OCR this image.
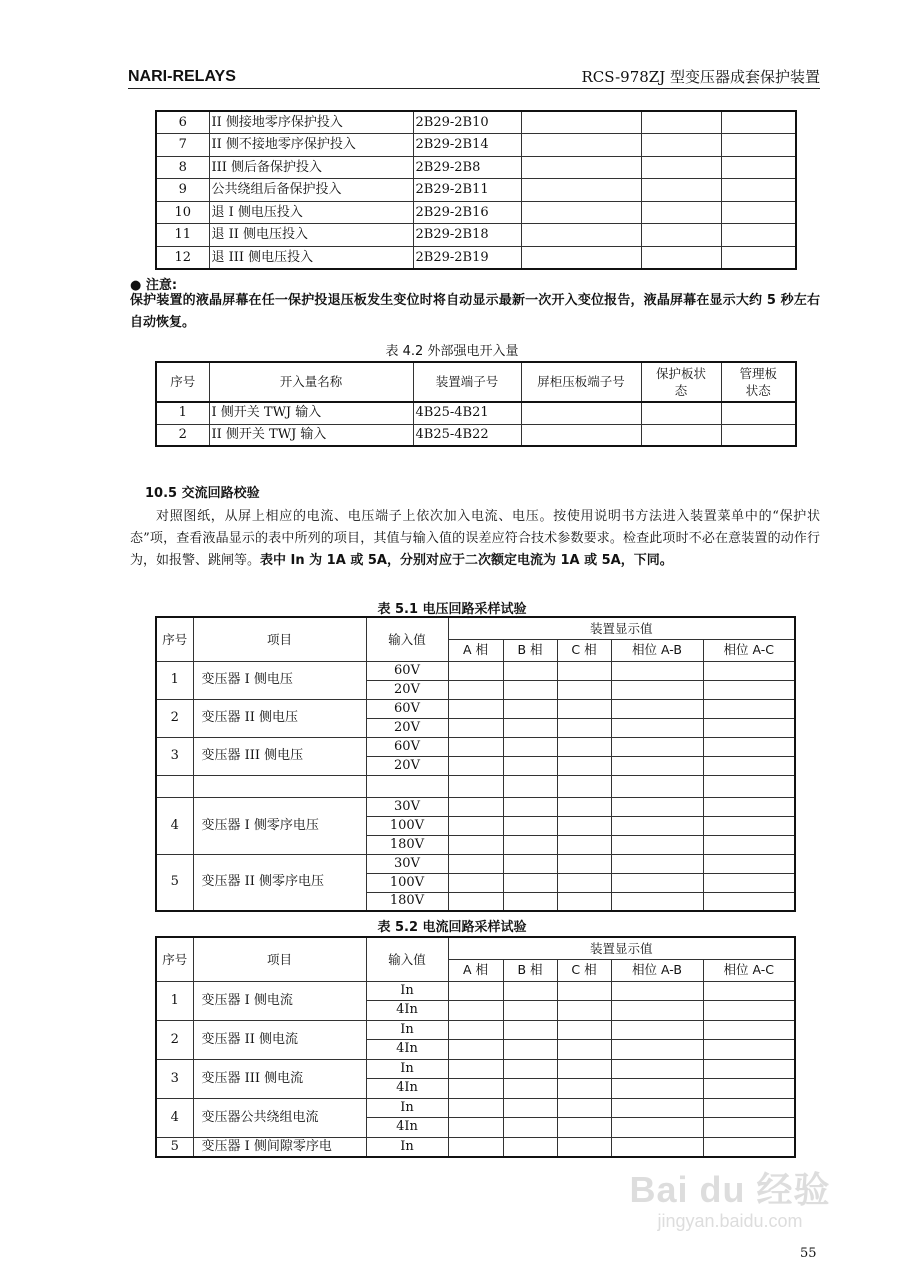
NARI-RELAYS	RCS-978ZJ 型变压器成套保护装置
6	II 侧接地零序保护投入	2B29-2B10			
7	II 侧不接地零序保护投入	2B29-2B14			
8	III 侧后备保护投入	2B29-2B8			
9	公共绕组后备保护投入	2B29-2B11			
10	退 I 侧电压投入	2B29-2B16			
11	退 II 侧电压投入	2B29-2B18			
12	退 III 侧电压投入	2B29-2B19			
● 注意:
保护装置的液晶屏幕在任一保护投退压板发生变位时将自动显示最新一次开入变位报告，液晶屏幕在显示大约 5 秒左右自动恢复。
表 4.2 外部强电开入量
序号	开入量名称	装置端子号	屏柜压板端子号	保护板状态	管理板状态
1	I 侧开关 TWJ 输入	4B25-4B21			
2	II 侧开关 TWJ 输入	4B25-4B22			
10.5 交流回路校验
对照图纸，从屏上相应的电流、电压端子上依次加入电流、电压。按使用说明书方法进入装置菜单中的“保护状态”项，查看液晶显示的表中所列的项目，其值与输入值的误差应符合技术参数要求。检查此项时不必在意装置的动作行为，如报警、跳闸等。表中 In 为 1A 或 5A，分别对应于二次额定电流为 1A 或 5A，下同。
表 5.1 电压回路采样试验
序号	项目	输入值	装置显示值				
			A 相	B 相	C 相	相位 A-B	相位 A-C
1	变压器 I 侧电压	60V					
		20V					
2	变压器 II 侧电压	60V					
		20V					
3	变压器 III 侧电压	60V					
		20V					

4	变压器 I 侧零序电压	30V					
		100V					
		180V					
5	变压器 II 侧零序电压	30V					
		100V					
		180V					
表 5.2 电流回路采样试验
序号	项目	输入值	装置显示值				
			A 相	B 相	C 相	相位 A-B	相位 A-C
1	变压器 I 侧电流	In					
		4In					
2	变压器 II 侧电流	In					
		4In					
3	变压器 III 侧电流	In					
		4In					
4	变压器公共绕组电流	In					
		4In					
5	变压器 I 侧间隙零序电	In					
Bai du 经验
jingyan.baidu.com
55
